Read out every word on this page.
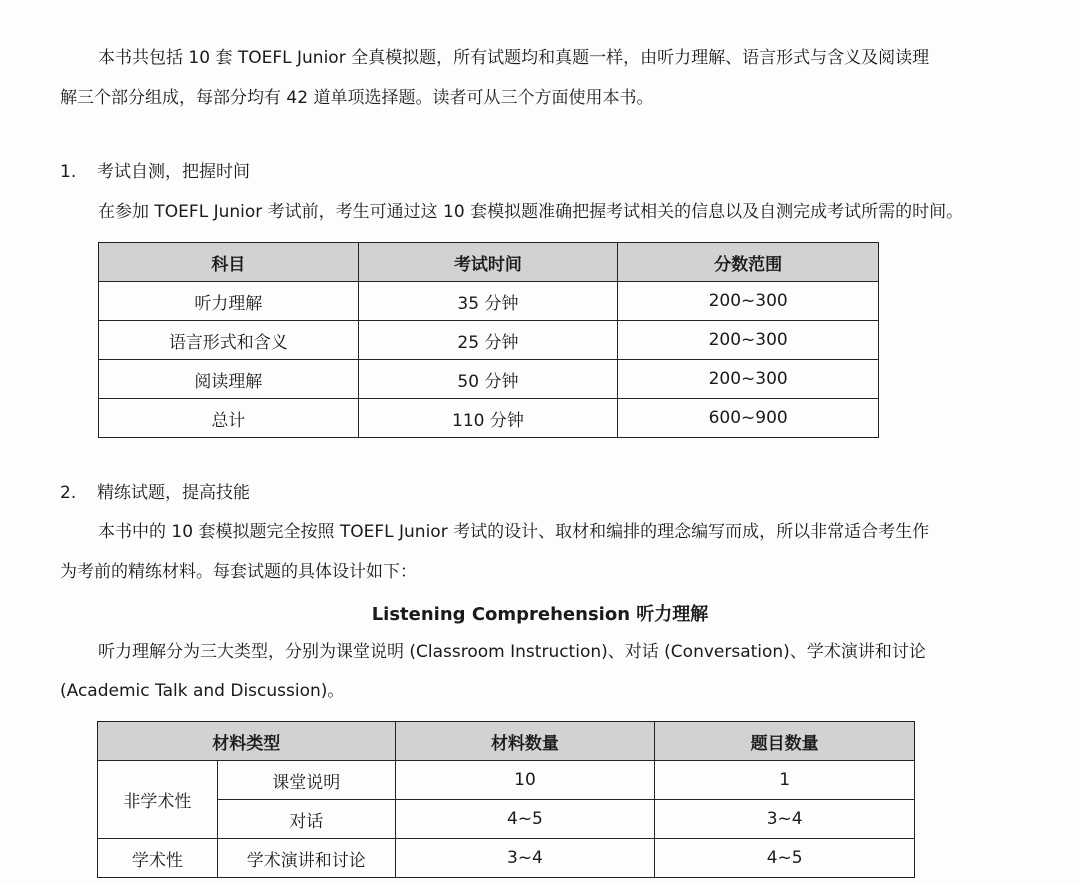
本书共包括 10 套 TOEFL Junior 全真模拟题，所有试题均和真题一样，由听力理解、语言形式与含义及阅读理
解三个部分组成，每部分均有 42 道单项选择题。读者可从三个方面使用本书。
1. 考试自测，把握时间
在参加 TOEFL Junior 考试前，考生可通过这 10 套模拟题准确把握考试相关的信息以及自测完成考试所需的时间。
科目	考试时间	分数范围
听力理解	35 分钟	200~300
语言形式和含义	25 分钟	200~300
阅读理解	50 分钟	200~300
总计	110 分钟	600~900
2. 精练试题，提高技能
本书中的 10 套模拟题完全按照 TOEFL Junior 考试的设计、取材和编排的理念编写而成，所以非常适合考生作
为考前的精练材料。每套试题的具体设计如下：
Listening Comprehension 听力理解
听力理解分为三大类型，分别为课堂说明 (Classroom Instruction)、对话 (Conversation)、学术演讲和讨论
(Academic Talk and Discussion)。
材料类型		材料数量	题目数量
非学术性	课堂说明	10	1
	对话	4~5	3~4
学术性	学术演讲和讨论	3~4	4~5
